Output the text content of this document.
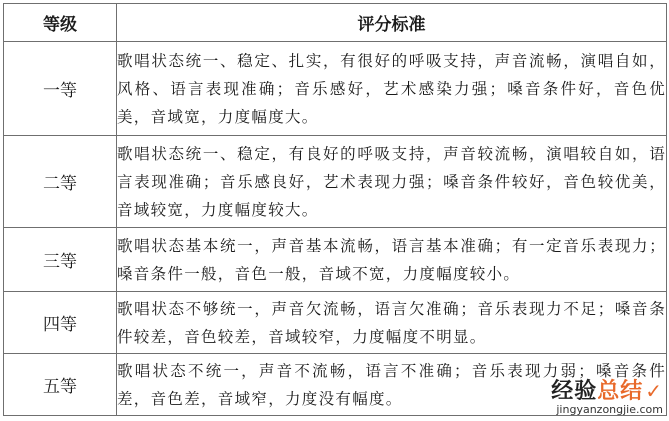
等级	评分标准
一等	歌唱状态统一、稳定、扎实，有很好的呼吸支持，声音流畅，演唱自如，风格、语言表现准确；音乐感好，艺术感染力强；嗓音条件好，音色优美，音域宽，力度幅度大。
二等	歌唱状态统一、稳定，有良好的呼吸支持，声音较流畅，演唱较自如，语言表现准确；音乐感良好，艺术表现力强；嗓音条件较好，音色较优美，音域较宽，力度幅度较大。
三等	歌唱状态基本统一，声音基本流畅，语言基本准确；有一定音乐表现力；嗓音条件一般，音色一般，音域不宽，力度幅度较小。
四等	歌唱状态不够统一，声音欠流畅，语言欠准确；音乐表现力不足；嗓音条件较差，音色较差，音域较窄，力度幅度不明显。
五等	歌唱状态不统一，声音不流畅，语言不准确；音乐表现力弱；嗓音条件差，音色差，音域窄，力度没有幅度。	经验总结 ✓
jingyanzongjie.com
